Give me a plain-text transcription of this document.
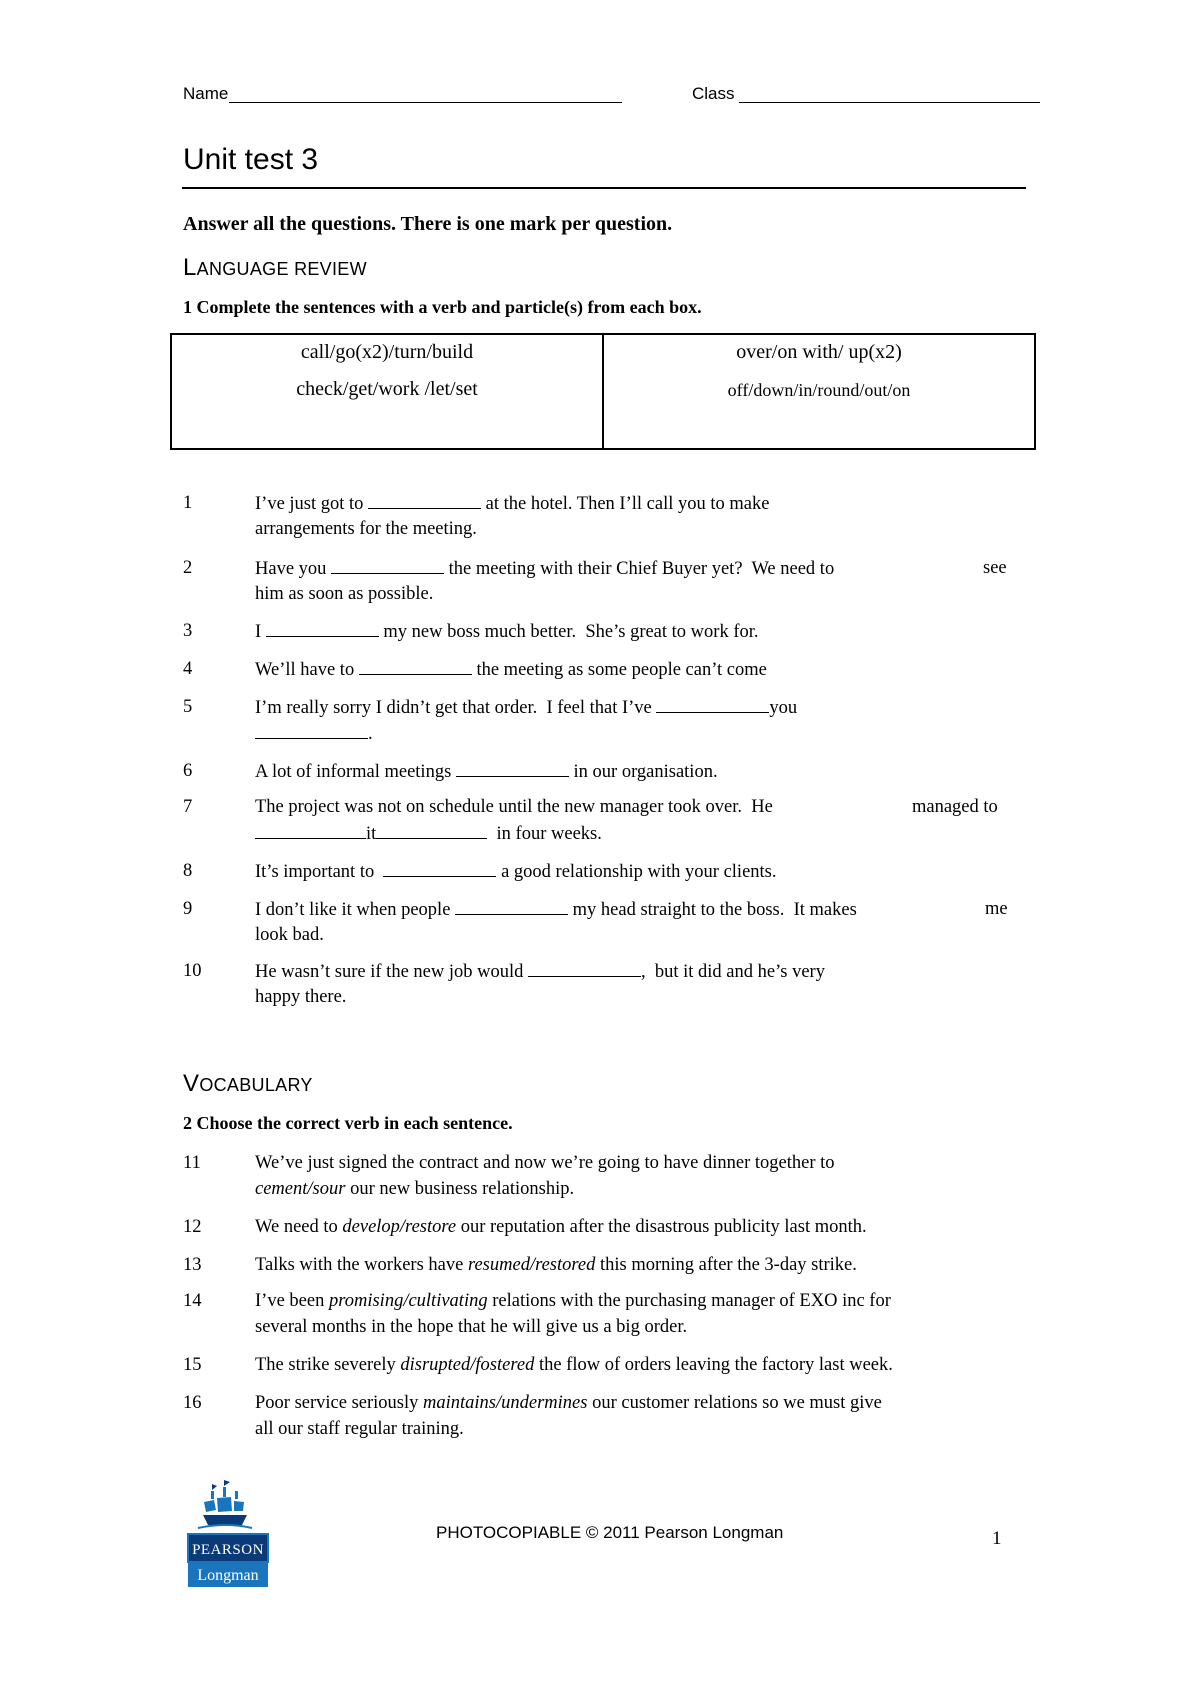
Name	Class
Unit test 3
Answer all the questions. There is one mark per question.
LANGUAGE REVIEW
1 Complete the sentences with a verb and particle(s) from each box.
call/go(x2)/turn/build
check/get/work /let/set
over/on with/ up(x2)
off/down/in/round/out/on
1	I’ve just got to	at the hotel. Then I’ll call you to make
arrangements for the meeting.
2	Have you	the meeting with their Chief Buyer yet?  We need to	see
him as soon as possible.
3	I	my new boss much better.  She’s great to work for.
4	We’ll have to	the meeting as some people can’t come
5	I’m really sorry I didn’t get that order.  I feel that I’ve	you
.
6	A lot of informal meetings	in our organisation.
7	The project was not on schedule until the new manager took over.  He	managed to
it	in four weeks.
8	It’s important to	a good relationship with your clients.
9	I don’t like it when people	my head straight to the boss.  It makes	me
look bad.
10	He wasn’t sure if the new job would	,  but it did and he’s very
happy there.
VOCABULARY
2 Choose the correct verb in each sentence.
11	We’ve just signed the contract and now we’re going to have dinner together to
cement/sour our new business relationship.
12	We need to develop/restore our reputation after the disastrous publicity last month.
13	Talks with the workers have resumed/restored this morning after the 3-day strike.
14	I’ve been promising/cultivating relations with the purchasing manager of EXO inc for
several months in the hope that he will give us a big order.
15	The strike severely disrupted/fostered the flow of orders leaving the factory last week.
16	Poor service seriously maintains/undermines our customer relations so we must give
all our staff regular training.
PEARSON
Longman
PHOTOCOPIABLE © 2011 Pearson Longman	1
